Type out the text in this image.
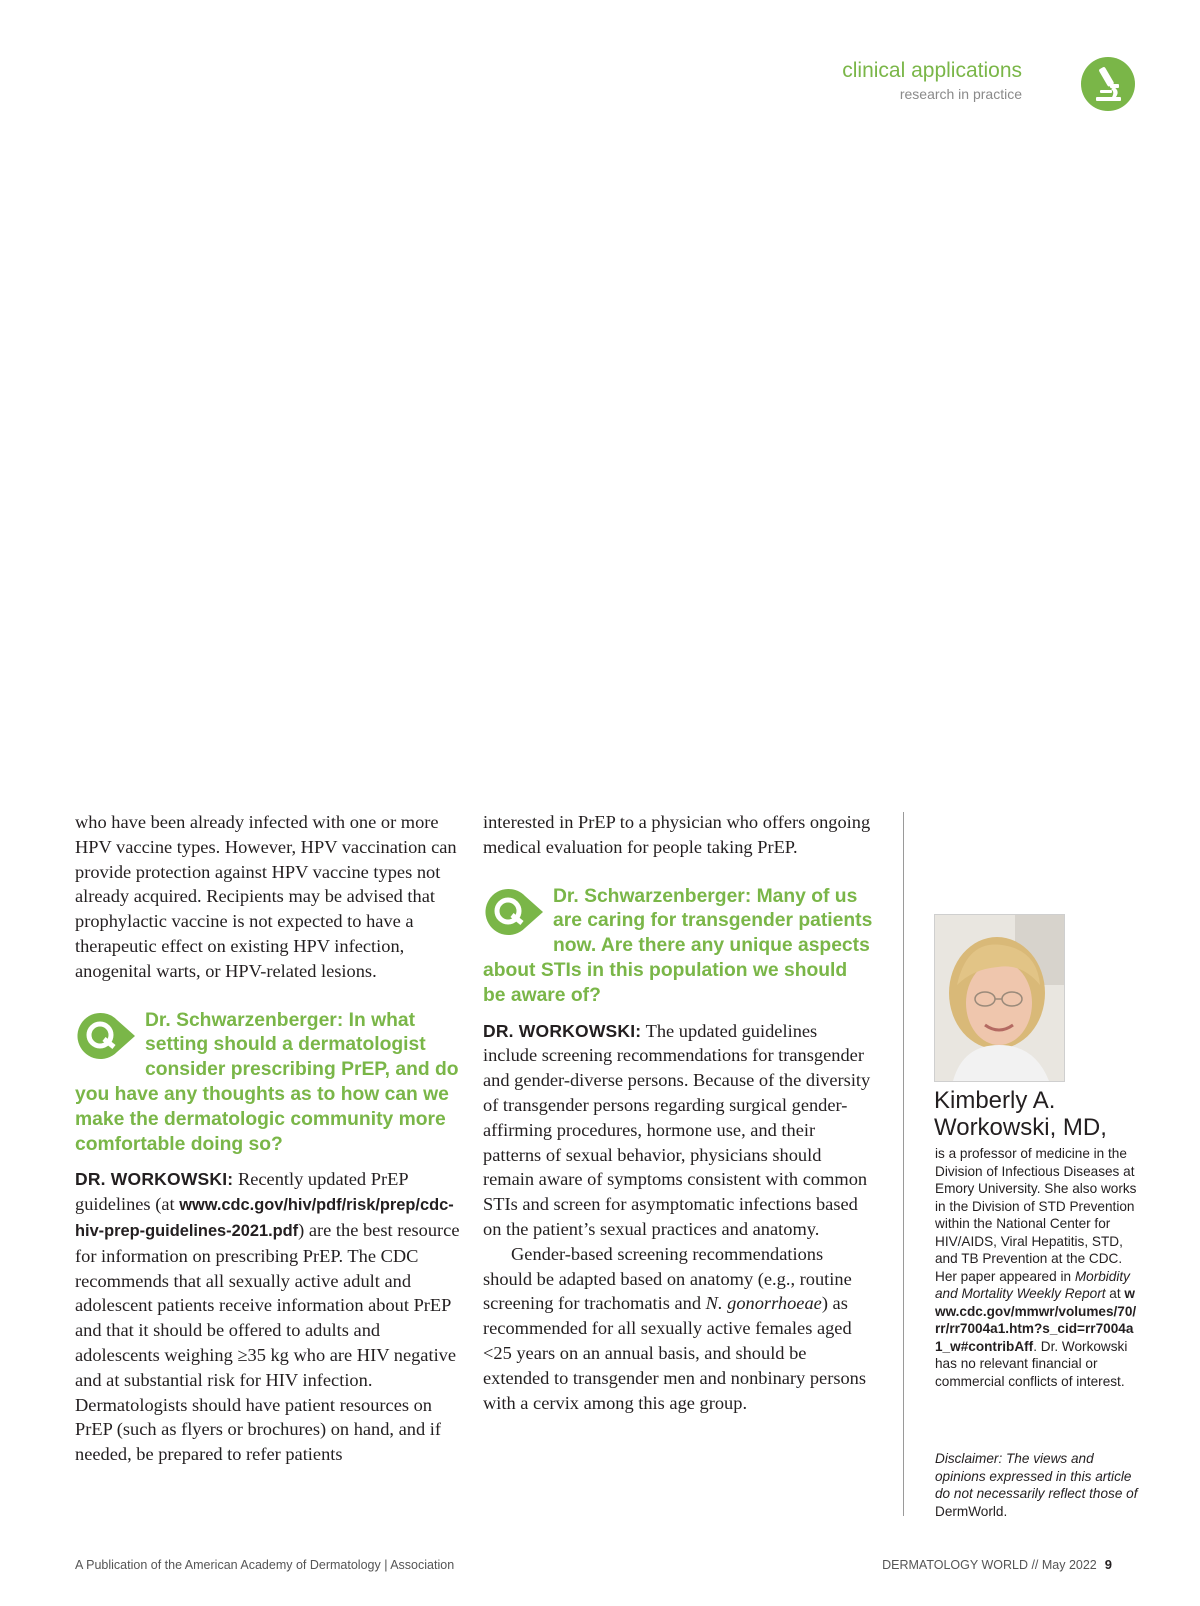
clinical applications
research in practice

who have been already infected with one or more HPV vaccine types. However, HPV vaccination can provide protection against HPV vaccine types not already acquired. Recipients may be advised that prophylactic vaccine is not expected to have a therapeutic effect on existing HPV infection, anogenital warts, or HPV-related lesions.

Dr. Schwarzenberger: In what setting should a dermatologist consider prescribing PrEP, and do you have any thoughts as to how can we make the dermatologic community more comfortable doing so?

DR. WORKOWSKI: Recently updated PrEP guidelines (at www.cdc.gov/hiv/pdf/risk/prep/cdc-hiv-prep-guidelines-2021.pdf) are the best resource for information on prescribing PrEP. The CDC recommends that all sexually active adult and adolescent patients receive information about PrEP and that it should be offered to adults and adolescents weighing ≥35 kg who are HIV negative and at substantial risk for HIV infection. Dermatologists should have patient resources on PrEP (such as flyers or brochures) on hand, and if needed, be prepared to refer patients

interested in PrEP to a physician who offers ongoing medical evaluation for people taking PrEP.

Dr. Schwarzenberger: Many of us are caring for transgender patients now. Are there any unique aspects about STIs in this population we should be aware of?

DR. WORKOWSKI: The updated guidelines include screening recommendations for transgender and gender-diverse persons. Because of the diversity of transgender persons regarding surgical gender-affirming procedures, hormone use, and their patterns of sexual behavior, physicians should remain aware of symptoms consistent with common STIs and screen for asymptomatic infections based on the patient’s sexual practices and anatomy.

Gender-based screening recommendations should be adapted based on anatomy (e.g., routine screening for trachomatis and N. gonorrhoeae) as recommended for all sexually active females aged <25 years on an annual basis, and should be extended to transgender men and nonbinary persons with a cervix among this age group.

Kimberly A. Workowski, MD,

is a professor of medicine in the Division of Infectious Diseases at Emory University. She also works in the Division of STD Prevention within the National Center for HIV/AIDS, Viral Hepatitis, STD, and TB Prevention at the CDC. Her paper appeared in Morbidity and Mortality Weekly Report at www.cdc.gov/mmwr/volumes/70/rr/rr7004a1.htm?s_cid=rr7004a1_w#contribAff. Dr. Workowski has no relevant financial or commercial conflicts of interest.

Disclaimer: The views and opinions expressed in this article do not necessarily reflect those of DermWorld.

A Publication of the American Academy of Dermatology | Association	DERMATOLOGY WORLD // May 2022 9
